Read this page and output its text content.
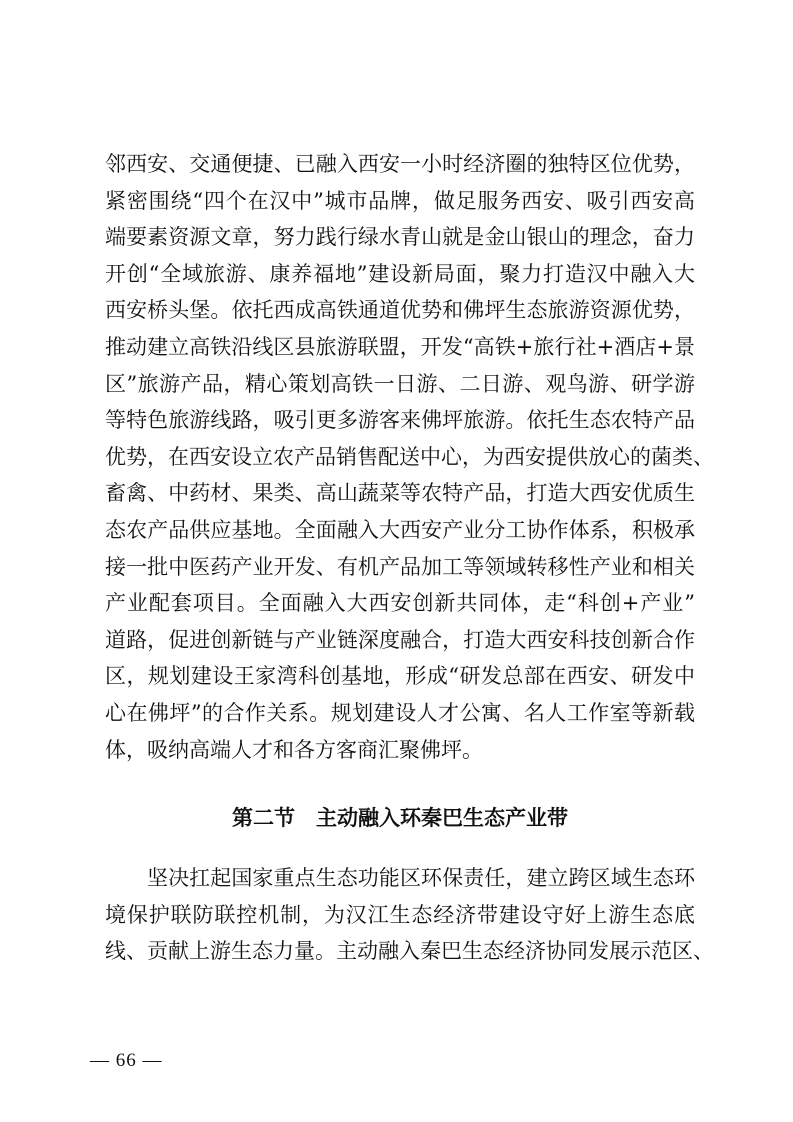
邻西安、交通便捷、已融入西安一小时经济圈的独特区位优势，
紧密围绕“四个在汉中”城市品牌，做足服务西安、吸引西安高
端要素资源文章，努力践行绿水青山就是金山银山的理念，奋力
开创“全域旅游、康养福地”建设新局面，聚力打造汉中融入大
西安桥头堡。依托西成高铁通道优势和佛坪生态旅游资源优势，
推动建立高铁沿线区县旅游联盟，开发“高铁+旅行社+酒店+景
区”旅游产品，精心策划高铁一日游、二日游、观鸟游、研学游
等特色旅游线路，吸引更多游客来佛坪旅游。依托生态农特产品
优势，在西安设立农产品销售配送中心，为西安提供放心的菌类、
畜禽、中药材、果类、高山蔬菜等农特产品，打造大西安优质生
态农产品供应基地。全面融入大西安产业分工协作体系，积极承
接一批中医药产业开发、有机产品加工等领域转移性产业和相关
产业配套项目。全面融入大西安创新共同体，走“科创+产业”
道路，促进创新链与产业链深度融合，打造大西安科技创新合作
区，规划建设王家湾科创基地，形成“研发总部在西安、研发中
心在佛坪”的合作关系。规划建设人才公寓、名人工作室等新载
体，吸纳高端人才和各方客商汇聚佛坪。
第二节　主动融入环秦巴生态产业带
坚决扛起国家重点生态功能区环保责任，建立跨区域生态环
境保护联防联控机制，为汉江生态经济带建设守好上游生态底
线、贡献上游生态力量。主动融入秦巴生态经济协同发展示范区、
— 66 —
